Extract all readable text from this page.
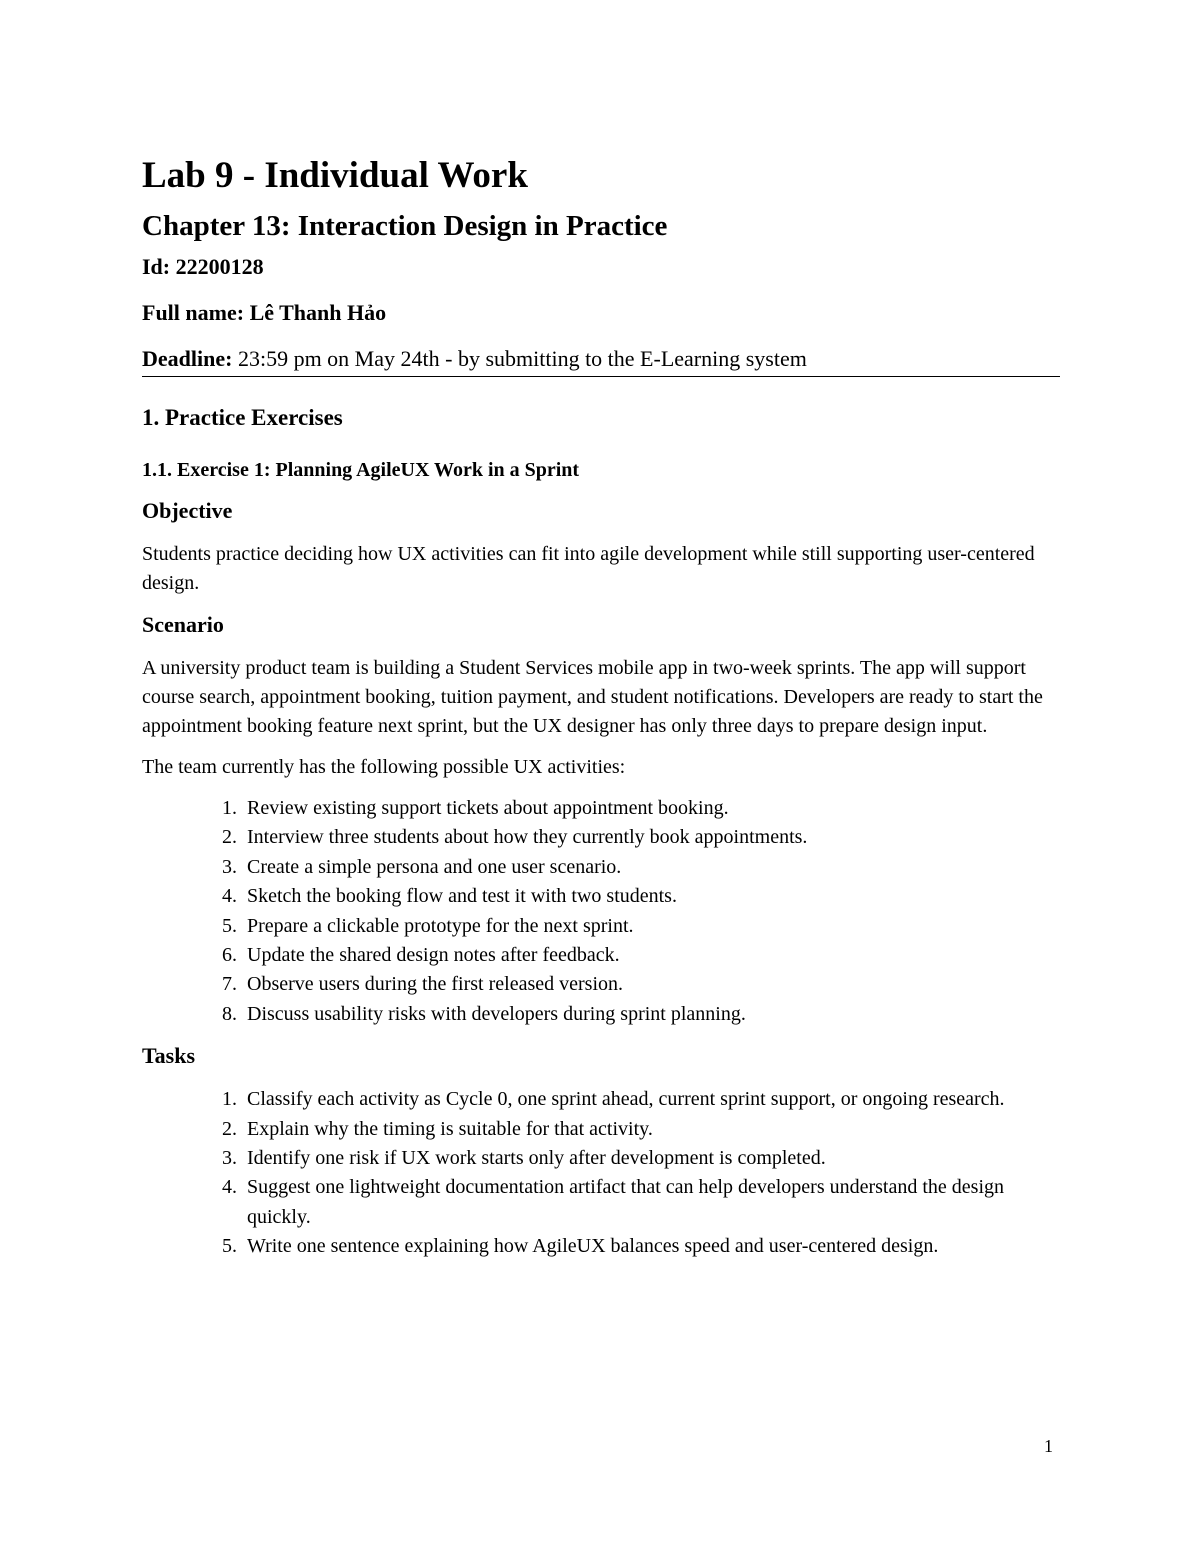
Lab 9 - Individual Work
Chapter 13: Interaction Design in Practice

Id: 22200128

Full name: Lê Thanh Hảo

Deadline: 23:59 pm on May 24th - by submitting to the E-Learning system

1. Practice Exercises
1.1. Exercise 1: Planning AgileUX Work in a Sprint
Objective

Students practice deciding how UX activities can fit into agile development while still supporting user-centered design.

Scenario

A university product team is building a Student Services mobile app in two-week sprints. The app will support course search, appointment booking, tuition payment, and student notifications. Developers are ready to start the appointment booking feature next sprint, but the UX designer has only three days to prepare design input.

The team currently has the following possible UX activities:

1. Review existing support tickets about appointment booking.
2. Interview three students about how they currently book appointments.
3. Create a simple persona and one user scenario.
4. Sketch the booking flow and test it with two students.
5. Prepare a clickable prototype for the next sprint.
6. Update the shared design notes after feedback.
7. Observe users during the first released version.
8. Discuss usability risks with developers during sprint planning.
Tasks
1. Classify each activity as Cycle 0, one sprint ahead, current sprint support, or ongoing research.
2. Explain why the timing is suitable for that activity.
3. Identify one risk if UX work starts only after development is completed.
4. Suggest one lightweight documentation artifact that can help developers understand the design quickly.
5. Write one sentence explaining how AgileUX balances speed and user-centered design.
1
